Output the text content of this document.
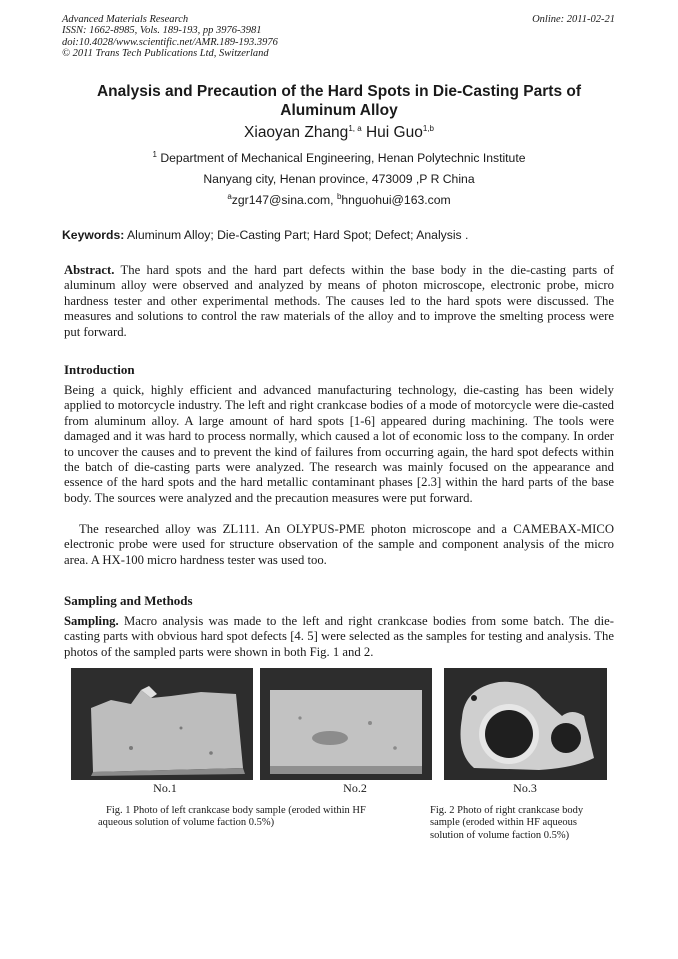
Advanced Materials Research
ISSN: 1662-8985, Vols. 189-193, pp 3976-3981
doi:10.4028/www.scientific.net/AMR.189-193.3976
© 2011 Trans Tech Publications Ltd, Switzerland
Online: 2011-02-21
Analysis and Precaution of the Hard Spots in Die-Casting Parts of Aluminum Alloy
Xiaoyan Zhang$^{1, a}$ Hui Guo$^{1,b}$
$^1$ Department of Mechanical Engineering, Henan Polytechnic Institute
Nanyang city, Henan province, 473009 ,P R China
$^a$zgr147@sina.com, $^b$hnguohui@163.com
Keywords: Aluminum Alloy; Die-Casting Part; Hard Spot; Defect; Analysis .
Abstract. The hard spots and the hard part defects within the base body in the die-casting parts of aluminum alloy were observed and analyzed by means of photon microscope, electronic probe, micro hardness tester and other experimental methods. The causes led to the hard spots were discussed. The measures and solutions to control the raw materials of the alloy and to improve the smelting process were put forward.
Introduction
Being a quick, highly efficient and advanced manufacturing technology, die-casting has been widely applied to motorcycle industry. The left and right crankcase bodies of a mode of motorcycle were die-casted from aluminum alloy. A large amount of hard spots [1-6] appeared during machining. The tools were damaged and it was hard to process normally, which caused a lot of economic loss to the company. In order to uncover the causes and to prevent the kind of failures from occurring again, the hard spot defects within the batch of die-casting parts were analyzed. The research was mainly focused on the appearance and essence of the hard spots and the hard metallic contaminant phases [2.3] within the hard parts of the base body. The sources were analyzed and the precaution measures were put forward.
The researched alloy was ZL111. An OLYPUS-PME photon microscope and a CAMEBAX-MICO electronic probe were used for structure observation of the sample and component analysis of the micro area. A HX-100 micro hardness tester was used too.
Sampling and Methods
Sampling. Macro analysis was made to the left and right crankcase bodies from some batch. The die-casting parts with obvious hard spot defects [4. 5] were selected as the samples for testing and analysis. The photos of the sampled parts were shown in both Fig. 1 and 2.
No.1	No.2	No.3
Fig. 1 Photo of left crankcase body sample (eroded within HF aqueous solution of volume faction 0.5%)
Fig. 2 Photo of right crankcase body sample (eroded within HF aqueous solution of volume faction 0.5%)
